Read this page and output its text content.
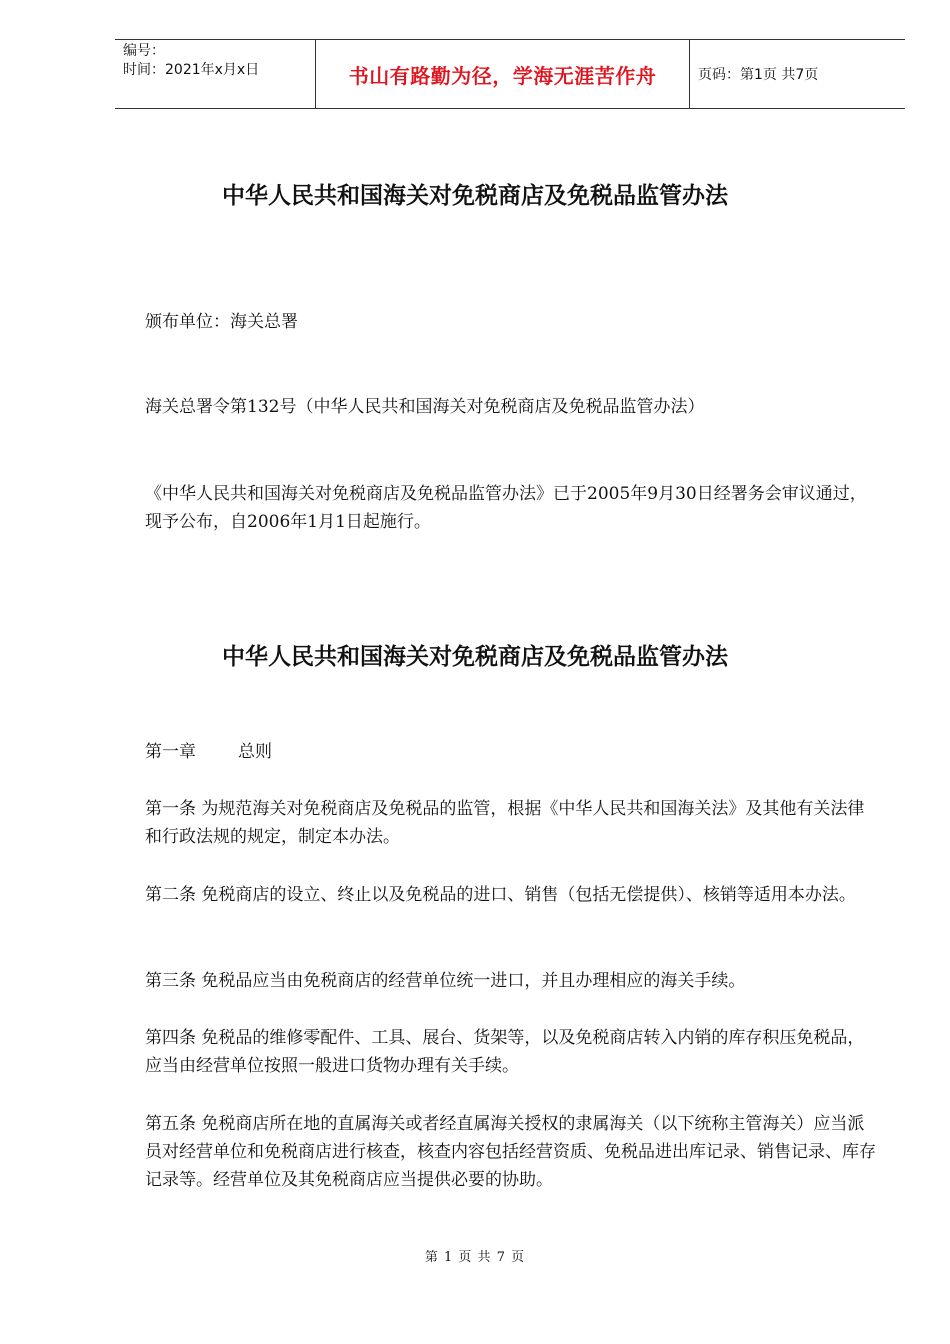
编号：
时间：2021年x月x日	书山有路勤为径，学海无涯苦作舟	页码：第1页 共7页
中华人民共和国海关对免税商店及免税品监管办法

颁布单位：海关总署

海关总署令第132号（中华人民共和国海关对免税商店及免税品监管办法）

《中华人民共和国海关对免税商店及免税品监管办法》已于2005年9月30日经署务会审议通过，现予公布，自2006年1月1日起施行。

中华人民共和国海关对免税商店及免税品监管办法

第一章 总则

第一条 为规范海关对免税商店及免税品的监管，根据《中华人民共和国海关法》及其他有关法律和行政法规的规定，制定本办法。

第二条 免税商店的设立、终止以及免税品的进口、销售（包括无偿提供）、核销等适用本办法。

第三条 免税品应当由免税商店的经营单位统一进口，并且办理相应的海关手续。

第四条 免税品的维修零配件、工具、展台、货架等，以及免税商店转入内销的库存积压免税品，应当由经营单位按照一般进口货物办理有关手续。

第五条 免税商店所在地的直属海关或者经直属海关授权的隶属海关（以下统称主管海关）应当派员对经营单位和免税商店进行核查，核查内容包括经营资质、免税品进出库记录、销售记录、库存记录等。经营单位及其免税商店应当提供必要的协助。

第 1 页 共 7 页
